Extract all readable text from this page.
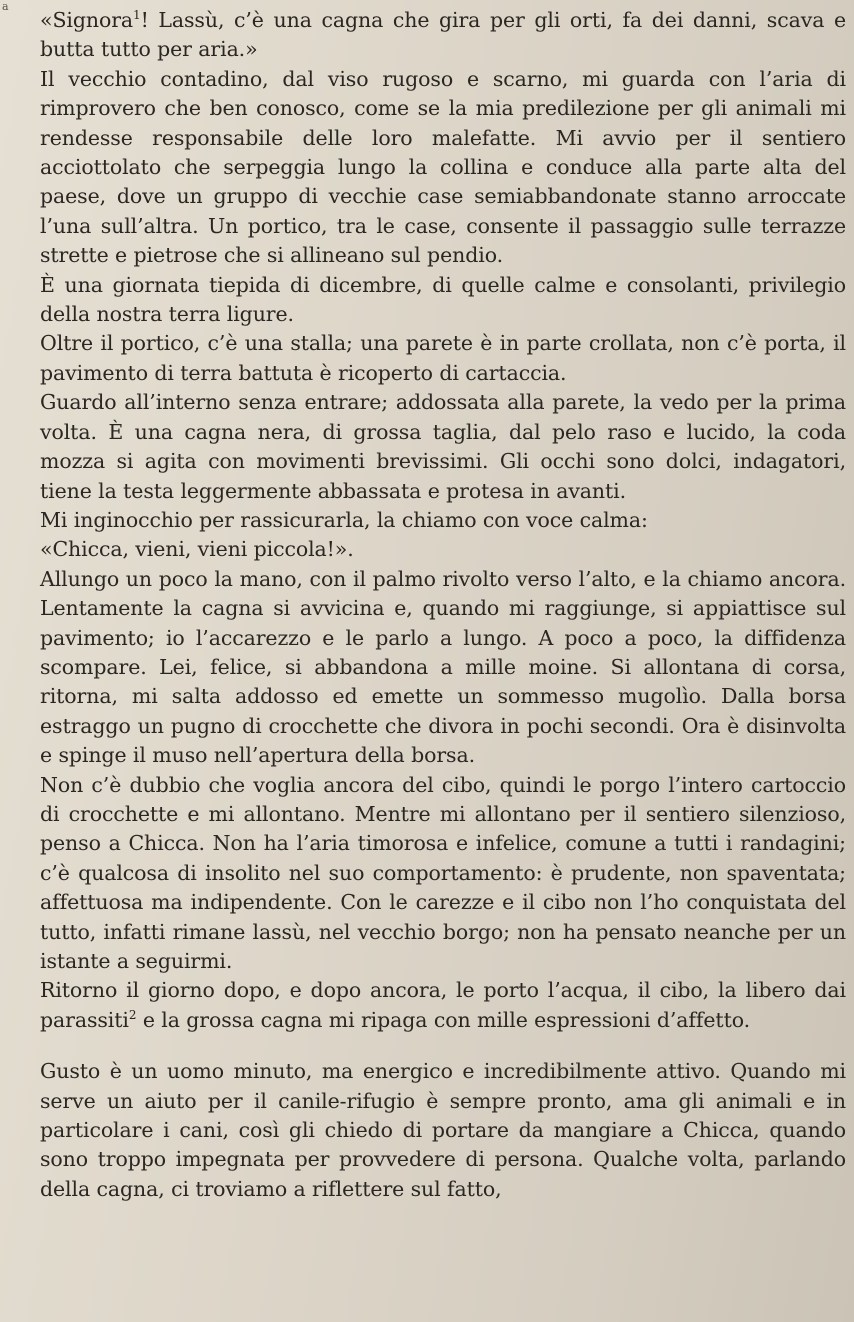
a

«Signora$^1$! Lassù, c’è una cagna che gira per gli orti, fa dei danni, scava e butta tutto per aria.»

Il vecchio contadino, dal viso rugoso e scarno, mi guarda con l’aria di rimprovero che ben conosco, come se la mia predilezione per gli animali mi rendesse responsabile delle loro malefatte. Mi avvio per il sentiero acciottolato che serpeggia lungo la collina e conduce alla parte alta del paese, dove un gruppo di vecchie case semiabbandonate stanno arroccate l’una sull’altra. Un portico, tra le case, consente il passaggio sulle terrazze strette e pietrose che si allineano sul pendio.

È una giornata tiepida di dicembre, di quelle calme e consolanti, privilegio della nostra terra ligure.

Oltre il portico, c’è una stalla; una parete è in parte crollata, non c’è porta, il pavimento di terra battuta è ricoperto di cartaccia.

Guardo all’interno senza entrare; addossata alla parete, la vedo per la prima volta. È una cagna nera, di grossa taglia, dal pelo raso e lucido, la coda mozza si agita con movimenti brevissimi. Gli occhi sono dolci, indagatori, tiene la testa leggermente abbassata e protesa in avanti.

Mi inginocchio per rassicurarla, la chiamo con voce calma:

«Chicca, vieni, vieni piccola!».

Allungo un poco la mano, con il palmo rivolto verso l’alto, e la chiamo ancora. Lentamente la cagna si avvicina e, quando mi raggiunge, si appiattisce sul pavimento; io l’accarezzo e le parlo a lungo. A poco a poco, la diffidenza scompare. Lei, felice, si abbandona a mille moine. Si allontana di corsa, ritorna, mi salta addosso ed emette un sommesso mugolìo. Dalla borsa estraggo un pugno di crocchette che divora in pochi secondi. Ora è disinvolta e spinge il muso nell’apertura della borsa.

Non c’è dubbio che voglia ancora del cibo, quindi le porgo l’intero cartoccio di crocchette e mi allontano. Mentre mi allontano per il sentiero silenzioso, penso a Chicca. Non ha l’aria timorosa e infelice, comune a tutti i randagini; c’è qualcosa di insolito nel suo comportamento: è prudente, non spaventata; affettuosa ma indipendente. Con le carezze e il cibo non l’ho conquistata del tutto, infatti rimane lassù, nel vecchio borgo; non ha pensato neanche per un istante a seguirmi.

Ritorno il giorno dopo, e dopo ancora, le porto l’acqua, il cibo, la libero dai parassiti$^2$ e la grossa cagna mi ripaga con mille espressioni d’affetto.

Gusto è un uomo minuto, ma energico e incredibilmente attivo. Quando mi serve un aiuto per il canile-rifugio è sempre pronto, ama gli animali e in particolare i cani, così gli chiedo di portare da mangiare a Chicca, quando sono troppo impegnata per provvedere di persona. Qualche volta, parlando della cagna, ci troviamo a riflettere sul fatto,
